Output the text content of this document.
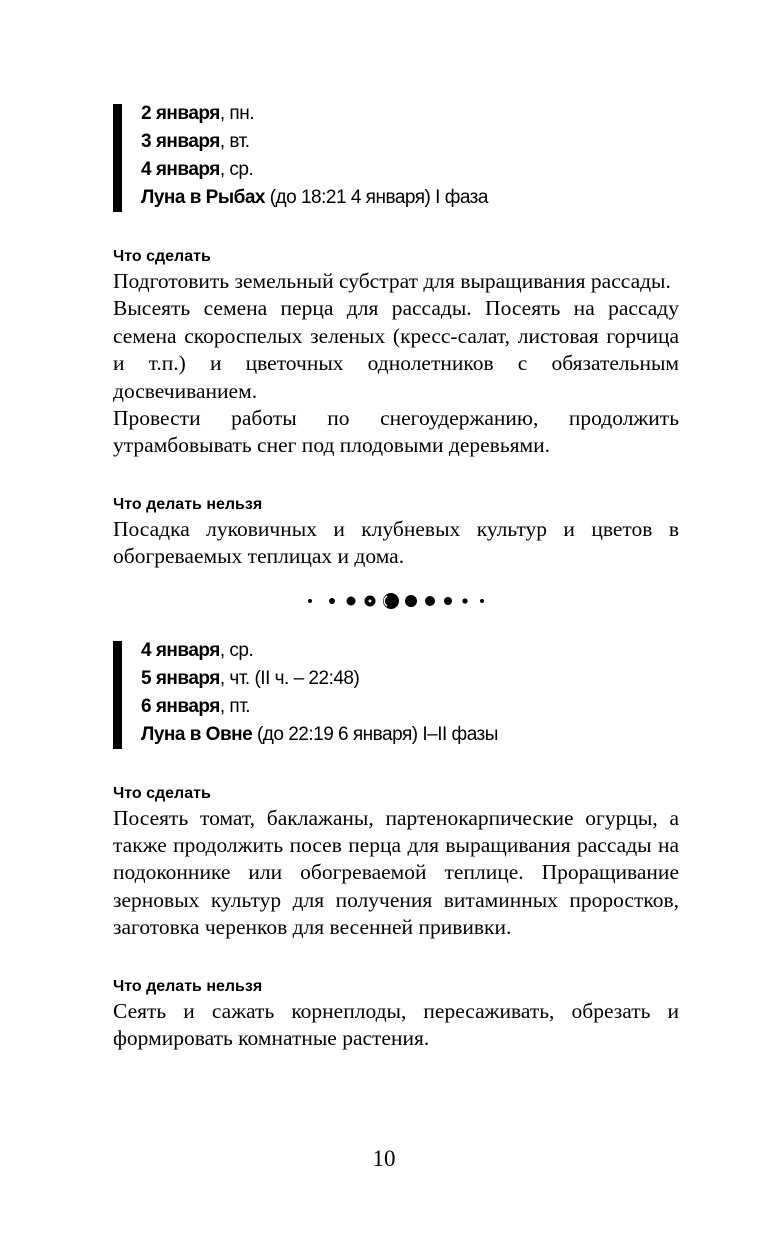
2 января, пн.
3 января, вт.
4 января, ср.
Луна в Рыбах (до 18:21 4 января) I фаза
Что сделать

Подготовить земельный субстрат для выращивания рассады.

Высеять семена перца для рассады. Посеять на рассаду семена скороспелых зеленых (кресс-салат, листовая горчица и т.п.) и цветочных однолетников с обязательным досвечиванием.

Провести работы по снегоудержанию, продолжить утрамбовывать снег под плодовыми деревьями.

Что делать нельзя

Посадка луковичных и клубневых культур и цветов в обогреваемых теплицах и дома.

4 января, ср.
5 января, чт. (II ч. – 22:48)
6 января, пт.
Луна в Овне (до 22:19 6 января) I–II фазы
Что сделать

Посеять томат, баклажаны, партенокарпические огурцы, а также продолжить посев перца для выращивания рассады на подоконнике или обогреваемой теплице. Проращивание зерновых культур для получения витаминных проростков, заготовка черенков для весенней прививки.

Что делать нельзя

Сеять и сажать корнеплоды, пересаживать, обрезать и формировать комнатные растения.

10
